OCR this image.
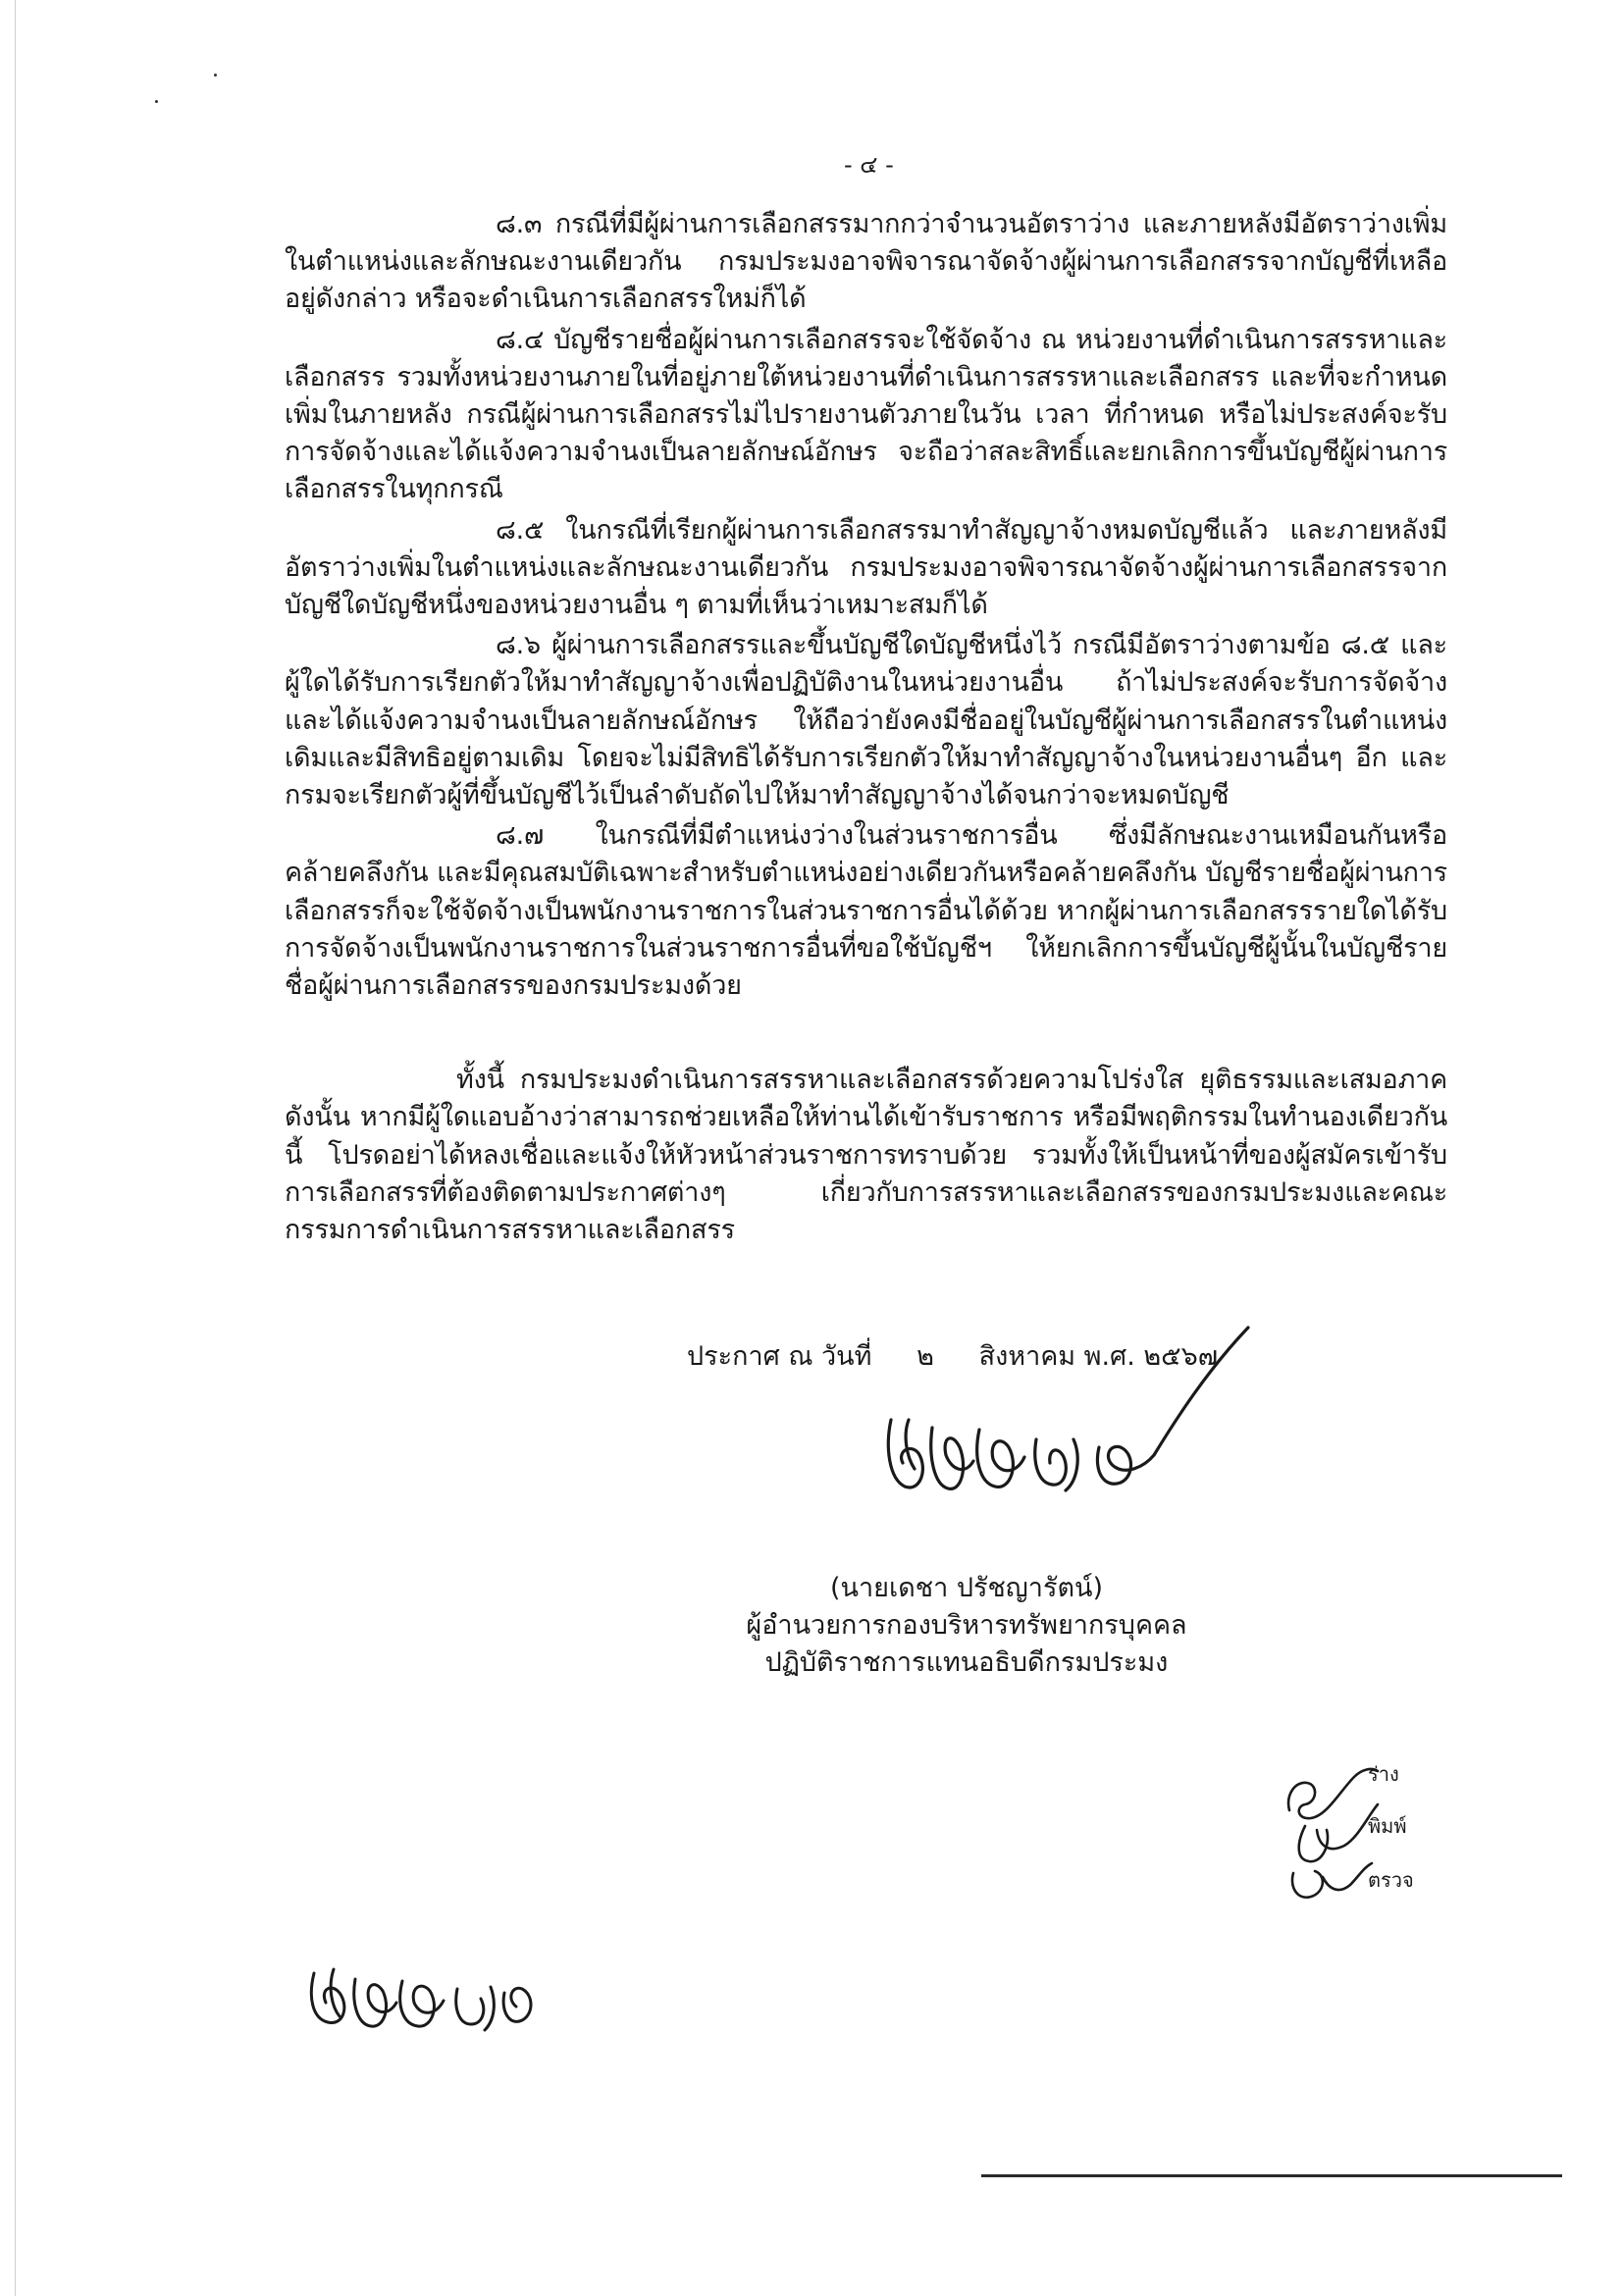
- ๔ -

๘.๓ กรณีที่มีผู้ผ่านการเลือกสรรมากกว่าจำนวนอัตราว่าง และภายหลังมีอัตราว่างเพิ่มในตำแหน่งและลักษณะงานเดียวกัน กรมประมงอาจพิจารณาจัดจ้างผู้ผ่านการเลือกสรรจากบัญชีที่เหลืออยู่ดังกล่าว หรือจะดำเนินการเลือกสรรใหม่ก็ได้

๘.๔ บัญชีรายชื่อผู้ผ่านการเลือกสรรจะใช้จัดจ้าง ณ หน่วยงานที่ดำเนินการสรรหาและเลือกสรร รวมทั้งหน่วยงานภายในที่อยู่ภายใต้หน่วยงานที่ดำเนินการสรรหาและเลือกสรร และที่จะกำหนดเพิ่มในภายหลัง กรณีผู้ผ่านการเลือกสรรไม่ไปรายงานตัวภายในวัน เวลา ที่กำหนด หรือไม่ประสงค์จะรับการจัดจ้างและได้แจ้งความจำนงเป็นลายลักษณ์อักษร จะถือว่าสละสิทธิ์และยกเลิกการขึ้นบัญชีผู้ผ่านการเลือกสรรในทุกกรณี

๘.๕ ในกรณีที่เรียกผู้ผ่านการเลือกสรรมาทำสัญญาจ้างหมดบัญชีแล้ว และภายหลังมีอัตราว่างเพิ่มในตำแหน่งและลักษณะงานเดียวกัน กรมประมงอาจพิจารณาจัดจ้างผู้ผ่านการเลือกสรรจากบัญชีใดบัญชีหนึ่งของหน่วยงานอื่น ๆ ตามที่เห็นว่าเหมาะสมก็ได้

๘.๖ ผู้ผ่านการเลือกสรรและขึ้นบัญชีใดบัญชีหนึ่งไว้ กรณีมีอัตราว่างตามข้อ ๘.๕ และผู้ใดได้รับการเรียกตัวให้มาทำสัญญาจ้างเพื่อปฏิบัติงานในหน่วยงานอื่น ถ้าไม่ประสงค์จะรับการจัดจ้างและได้แจ้งความจำนงเป็นลายลักษณ์อักษร ให้ถือว่ายังคงมีชื่ออยู่ในบัญชีผู้ผ่านการเลือกสรรในตำแหน่งเดิมและมีสิทธิอยู่ตามเดิม โดยจะไม่มีสิทธิได้รับการเรียกตัวให้มาทำสัญญาจ้างในหน่วยงานอื่นๆ อีก และกรมจะเรียกตัวผู้ที่ขึ้นบัญชีไว้เป็นลำดับถัดไปให้มาทำสัญญาจ้างได้จนกว่าจะหมดบัญชี

๘.๗ ในกรณีที่มีตำแหน่งว่างในส่วนราชการอื่น ซึ่งมีลักษณะงานเหมือนกันหรือคล้ายคลึงกัน และมีคุณสมบัติเฉพาะสำหรับตำแหน่งอย่างเดียวกันหรือคล้ายคลึงกัน บัญชีรายชื่อผู้ผ่านการเลือกสรรก็จะใช้จัดจ้างเป็นพนักงานราชการในส่วนราชการอื่นได้ด้วย หากผู้ผ่านการเลือกสรรรายใดได้รับการจัดจ้างเป็นพนักงานราชการในส่วนราชการอื่นที่ขอใช้บัญชีฯ ให้ยกเลิกการขึ้นบัญชีผู้นั้นในบัญชีรายชื่อผู้ผ่านการเลือกสรรของกรมประมงด้วย

ทั้งนี้ กรมประมงดำเนินการสรรหาและเลือกสรรด้วยความโปร่งใส ยุติธรรมและเสมอภาค ดังนั้น หากมีผู้ใดแอบอ้างว่าสามารถช่วยเหลือให้ท่านได้เข้ารับราชการ หรือมีพฤติกรรมในทำนองเดียวกันนี้ โปรดอย่าได้หลงเชื่อและแจ้งให้หัวหน้าส่วนราชการทราบด้วย รวมทั้งให้เป็นหน้าที่ของผู้สมัครเข้ารับการเลือกสรรที่ต้องติดตามประกาศต่างๆ เกี่ยวกับการสรรหาและเลือกสรรของกรมประมงและคณะกรรมการดำเนินการสรรหาและเลือกสรร

ประกาศ ณ วันที่ ๒ สิงหาคม พ.ศ. ๒๕๖๗
(นายเดชา ปรัชญารัตน์)
ผู้อำนวยการกองบริหารทรัพยากรบุคคล
ปฏิบัติราชการแทนอธิบดีกรมประมง
ร่าง
พิมพ์
ตรวจ
